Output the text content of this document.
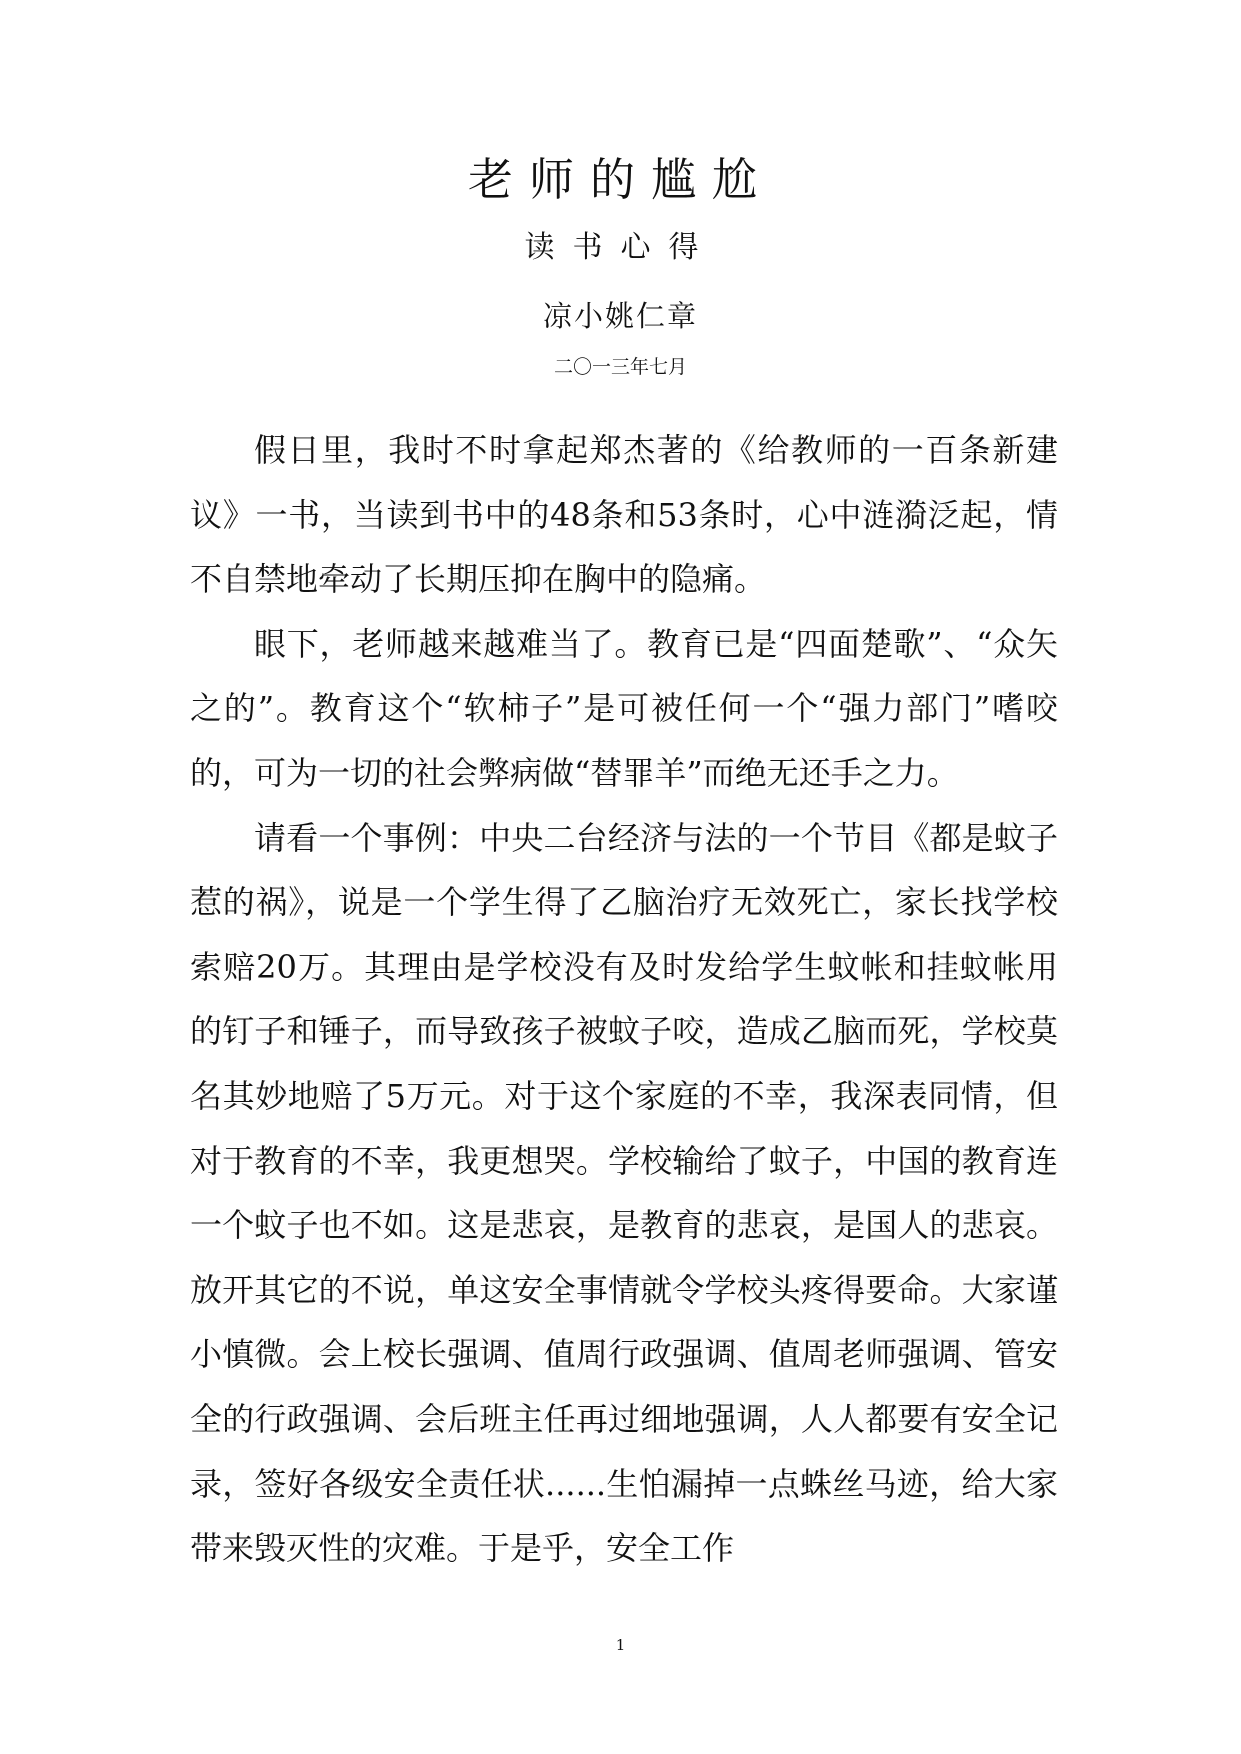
老师的尴尬
读书心得
凉小姚仁章
二〇一三年七月

假日里，我时不时拿起郑杰著的《给教师的一百条新建议》一书，当读到书中的48条和53条时，心中涟漪泛起，情不自禁地牵动了长期压抑在胸中的隐痛。

眼下，老师越来越难当了。教育已是“四面楚歌”、“众矢之的”。教育这个“软柿子”是可被任何一个“强力部门”嗜咬的，可为一切的社会弊病做“替罪羊”而绝无还手之力。

请看一个事例：中央二台经济与法的一个节目《都是蚊子惹的祸》，说是一个学生得了乙脑治疗无效死亡，家长找学校索赔20万。其理由是学校没有及时发给学生蚊帐和挂蚊帐用的钉子和锤子，而导致孩子被蚊子咬，造成乙脑而死，学校莫名其妙地赔了5万元。对于这个家庭的不幸，我深表同情，但对于教育的不幸，我更想哭。学校输给了蚊子，中国的教育连一个蚊子也不如。这是悲哀，是教育的悲哀，是国人的悲哀。放开其它的不说，单这安全事情就令学校头疼得要命。大家谨小慎微。会上校长强调、值周行政强调、值周老师强调、管安全的行政强调、会后班主任再过细地强调，人人都要有安全记录，签好各级安全责任状......生怕漏掉一点蛛丝马迹，给大家带来毁灭性的灾难。于是乎，安全工作

1
